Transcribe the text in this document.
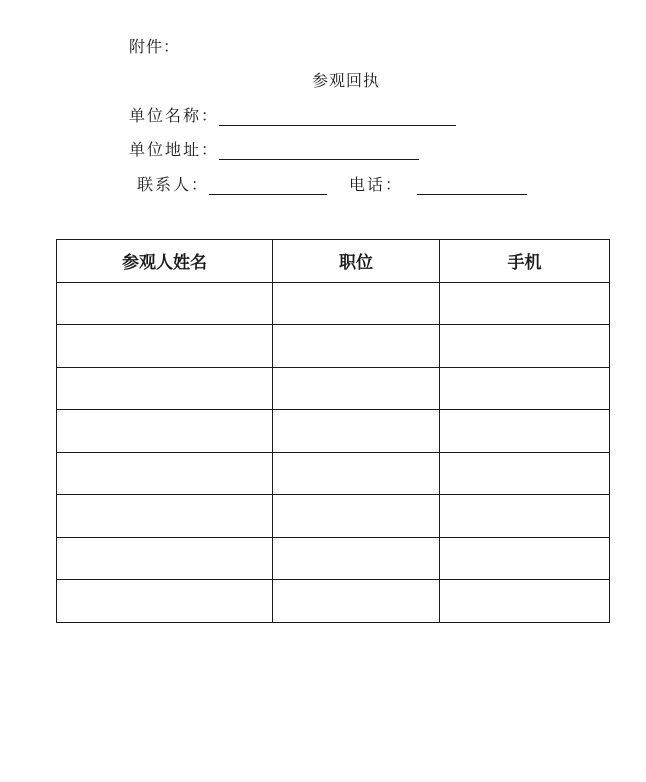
附件：
参观回执
单位名称：
单位地址：
联系人：	电话：
参观人姓名	职位	手机
